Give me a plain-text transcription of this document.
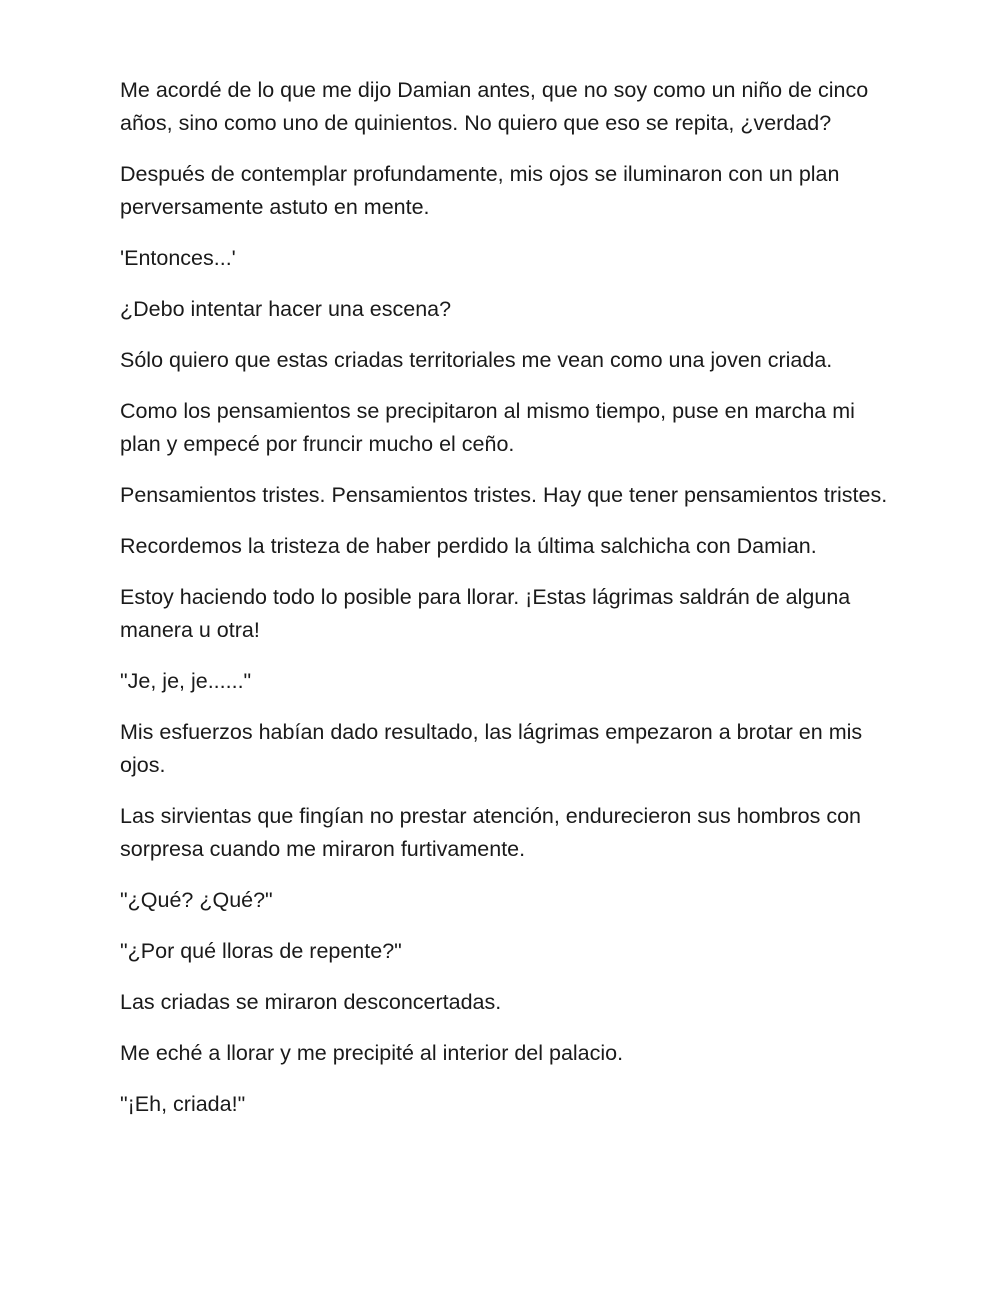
Me acordé de lo que me dijo Damian antes, que no soy como un niño de cinco años, sino como uno de quinientos. No quiero que eso se repita, ¿verdad?

Después de contemplar profundamente, mis ojos se iluminaron con un plan perversamente astuto en mente.

'Entonces...'

¿Debo intentar hacer una escena?

Sólo quiero que estas criadas territoriales me vean como una joven criada.

Como los pensamientos se precipitaron al mismo tiempo, puse en marcha mi plan y empecé por fruncir mucho el ceño.

Pensamientos tristes. Pensamientos tristes. Hay que tener pensamientos tristes.

Recordemos la tristeza de haber perdido la última salchicha con Damian.

Estoy haciendo todo lo posible para llorar. ¡Estas lágrimas saldrán de alguna manera u otra!

"Je, je, je......"

Mis esfuerzos habían dado resultado, las lágrimas empezaron a brotar en mis ojos.

Las sirvientas que fingían no prestar atención, endurecieron sus hombros con sorpresa cuando me miraron furtivamente.

"¿Qué? ¿Qué?"

"¿Por qué lloras de repente?"

Las criadas se miraron desconcertadas.

Me eché a llorar y me precipité al interior del palacio.

"¡Eh, criada!"
